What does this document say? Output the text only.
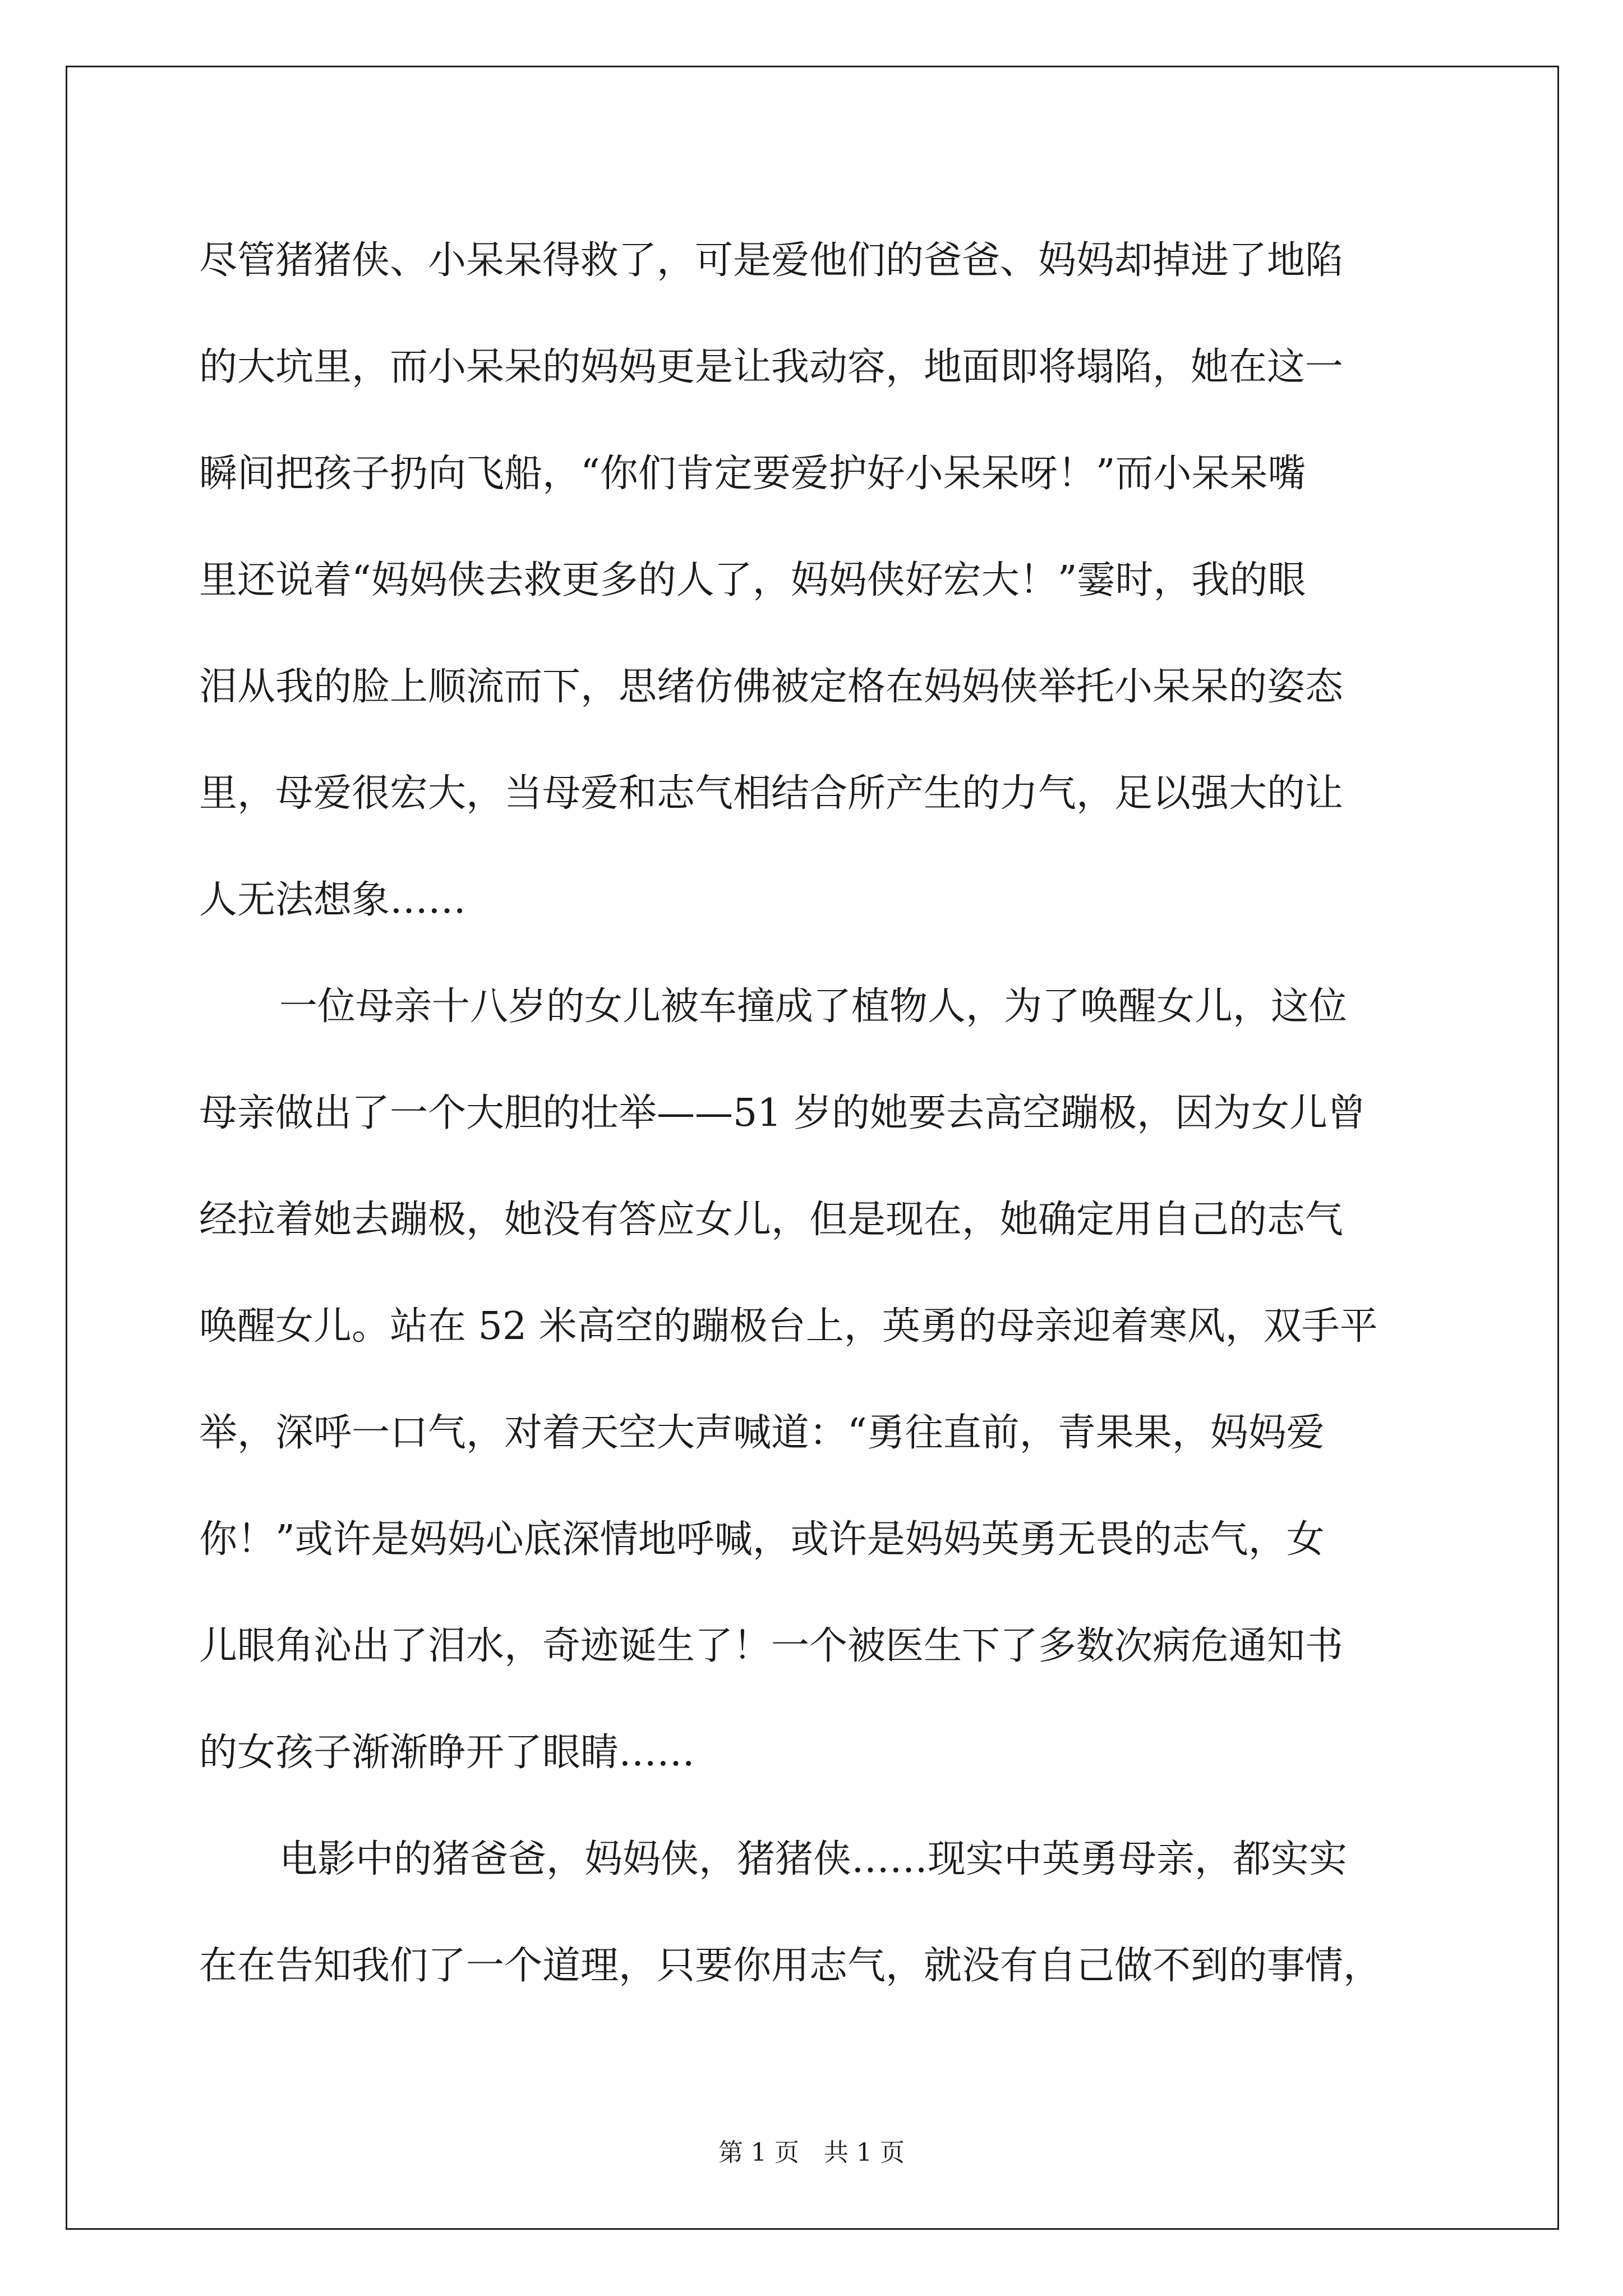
尽管猪猪侠、小呆呆得救了，可是爱他们的爸爸、妈妈却掉进了地陷
的大坑里，而小呆呆的妈妈更是让我动容，地面即将塌陷，她在这一
瞬间把孩子扔向飞船，“你们肯定要爱护好小呆呆呀！”而小呆呆嘴
里还说着“妈妈侠去救更多的人了，妈妈侠好宏大！”霎时，我的眼
泪从我的脸上顺流而下，思绪仿佛被定格在妈妈侠举托小呆呆的姿态
里，母爱很宏大，当母爱和志气相结合所产生的力气，足以强大的让
人无法想象……
一位母亲十八岁的女儿被车撞成了植物人，为了唤醒女儿，这位
母亲做出了一个大胆的壮举——51 岁的她要去高空蹦极，因为女儿曾
经拉着她去蹦极，她没有答应女儿，但是现在，她确定用自己的志气
唤醒女儿。站在 52 米高空的蹦极台上，英勇的母亲迎着寒风，双手平
举，深呼一口气，对着天空大声喊道：“勇往直前，青果果，妈妈爱
你！”或许是妈妈心底深情地呼喊，或许是妈妈英勇无畏的志气，女
儿眼角沁出了泪水，奇迹诞生了！一个被医生下了多数次病危通知书
的女孩子渐渐睁开了眼睛……
电影中的猪爸爸，妈妈侠，猪猪侠……现实中英勇母亲，都实实
在在告知我们了一个道理，只要你用志气，就没有自己做不到的事情，
第 1 页　共 1 页
